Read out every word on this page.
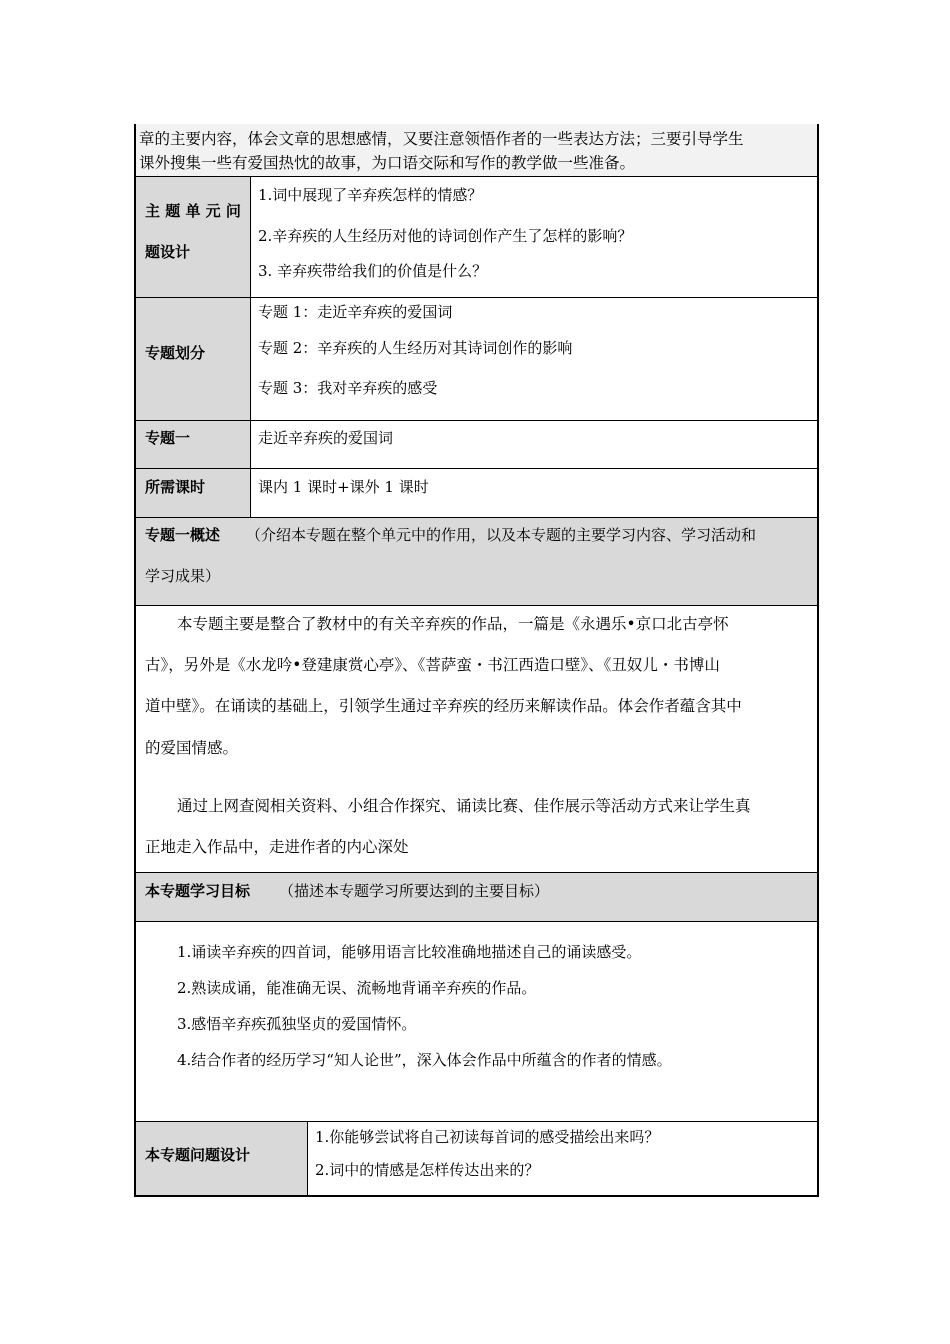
章的主要内容，体会文章的思想感情，又要注意领悟作者的一些表达方法；三要引导学生
课外搜集一些有爱国热忱的故事，为口语交际和写作的教学做一些准备。
主 题 单 元 问
题设计
1.词中展现了辛弃疾怎样的情感？
2.辛弃疾的人生经历对他的诗词创作产生了怎样的影响？
3. 辛弃疾带给我们的价值是什么？
专题划分
专题 1：走近辛弃疾的爱国词
专题 2：辛弃疾的人生经历对其诗词创作的影响
专题 3：我对辛弃疾的感受
专题一	走近辛弃疾的爱国词
所需课时	课内 1 课时+课外 1 课时
专题一概述 （介绍本专题在整个单元中的作用，以及本专题的主要学习内容、学习活动和
学习成果）
本专题主要是整合了教材中的有关辛弃疾的作品，一篇是《永遇乐•京口北古亭怀
古》，另外是《水龙吟•登建康赏心亭》、《菩萨蛮・书江西造口壁》、《丑奴儿・书博山
道中壁》。在诵读的基础上，引领学生通过辛弃疾的经历来解读作品。体会作者蕴含其中
的爱国情感。
通过上网查阅相关资料、小组合作探究、诵读比赛、佳作展示等活动方式来让学生真
正地走入作品中，走进作者的内心深处
本专题学习目标 （描述本专题学习所要达到的主要目标）
1.诵读辛弃疾的四首词，能够用语言比较准确地描述自己的诵读感受。
2.熟读成诵，能准确无误、流畅地背诵辛弃疾的作品。
3.感悟辛弃疾孤独坚贞的爱国情怀。
4.结合作者的经历学习“知人论世”，深入体会作品中所蕴含的作者的情感。
本专题问题设计
1.你能够尝试将自己初读每首词的感受描绘出来吗？
2.词中的情感是怎样传达出来的？
